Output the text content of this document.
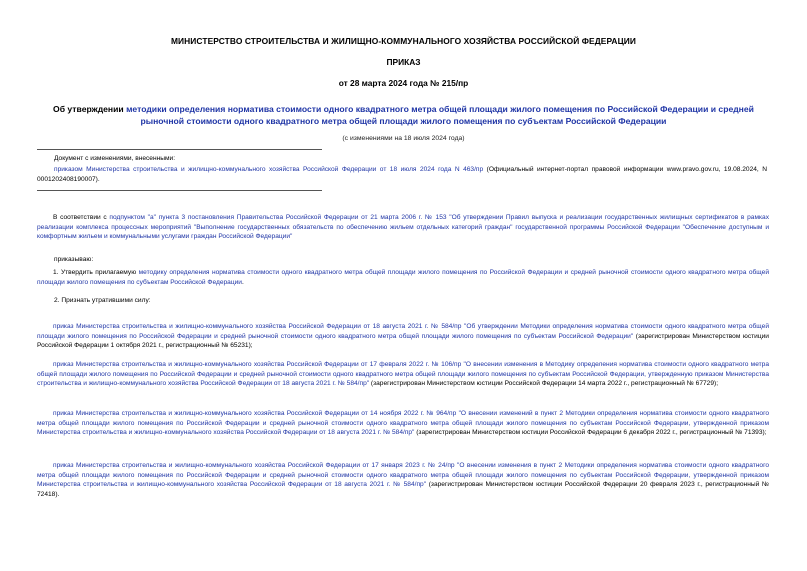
МИНИСТЕРСТВО СТРОИТЕЛЬСТВА И ЖИЛИЩНО-КОММУНАЛЬНОГО ХОЗЯЙСТВА РОССИЙСКОЙ ФЕДЕРАЦИИ
ПРИКАЗ
от 28 марта 2024 года № 215/пр
Об утверждении методики определения норматива стоимости одного квадратного метра общей площади жилого помещения по Российской Федерации и средней рыночной стоимости одного квадратного метра общей площади жилого помещения по субъектам Российской Федерации
(с изменениями на 18 июля 2024 года)
Документ с изменениями, внесенными:
приказом Министерства строительства и жилищно-коммунального хозяйства Российской Федерации от 18 июля 2024 года N 463/пр (Официальный интернет-портал правовой информации www.pravo.gov.ru, 19.08.2024, N 0001202408190007).
В соответствии с подпунктом "а" пункта 3 постановления Правительства Российской Федерации от 21 марта 2006 г. № 153 "Об утверждении Правил выпуска и реализации государственных жилищных сертификатов в рамках реализации комплекса процессных мероприятий "Выполнение государственных обязательств по обеспечению жильем отдельных категорий граждан" государственной программы Российской Федерации "Обеспечение доступным и комфортным жильем и коммунальными услугами граждан Российской Федерации"
приказываю:
1. Утвердить прилагаемую методику определения норматива стоимости одного квадратного метра общей площади жилого помещения по Российской Федерации и средней рыночной стоимости одного квадратного метра общей площади жилого помещения по субъектам Российской Федерации.
2. Признать утратившими силу:
приказ Министерства строительства и жилищно-коммунального хозяйства Российской Федерации от 18 августа 2021 г. № 584/пр "Об утверждении Методики определения норматива стоимости одного квадратного метра общей площади жилого помещения по Российской Федерации и средней рыночной стоимости одного квадратного метра общей площади жилого помещения по субъектам Российской Федерации" (зарегистрирован Министерством юстиции Российской Федерации 1 октября 2021 г., регистрационный № 65231);
приказ Министерства строительства и жилищно-коммунального хозяйства Российской Федерации от 17 февраля 2022 г. № 106/пр "О внесении изменения в Методику определения норматива стоимости одного квадратного метра общей площади жилого помещения по Российской Федерации и средней рыночной стоимости одного квадратного метра общей площади жилого помещения по субъектам Российской Федерации, утвержденную приказом Министерства строительства и жилищно-коммунального хозяйства Российской Федерации от 18 августа 2021 г. № 584/пр" (зарегистрирован Министерством юстиции Российской Федерации 14 марта 2022 г., регистрационный № 67729);
приказ Министерства строительства и жилищно-коммунального хозяйства Российской Федерации от 14 ноября 2022 г. № 964/пр "О внесении изменений в пункт 2 Методики определения норматива стоимости одного квадратного метра общей площади жилого помещения по Российской Федерации и средней рыночной стоимости одного квадратного метра общей площади жилого помещения по субъектам Российской Федерации, утвержденной приказом Министерства строительства и жилищно-коммунального хозяйства Российской Федерации от 18 августа 2021 г. № 584/пр" (зарегистрирован Министерством юстиции Российской Федерации 6 декабря 2022 г., регистрационный № 71393);
приказ Министерства строительства и жилищно-коммунального хозяйства Российской Федерации от 17 января 2023 г. № 24/пр "О внесении изменения в пункт 2 Методики определения норматива стоимости одного квадратного метра общей площади жилого помещения по Российской Федерации и средней рыночной стоимости одного квадратного метра общей площади жилого помещения по субъектам Российской Федерации, утвержденной приказом Министерства строительства и жилищно-коммунального хозяйства Российской Федерации от 18 августа 2021 г. № 584/пр" (зарегистрирован Министерством юстиции Российской Федерации 20 февраля 2023 г., регистрационный № 72418).
